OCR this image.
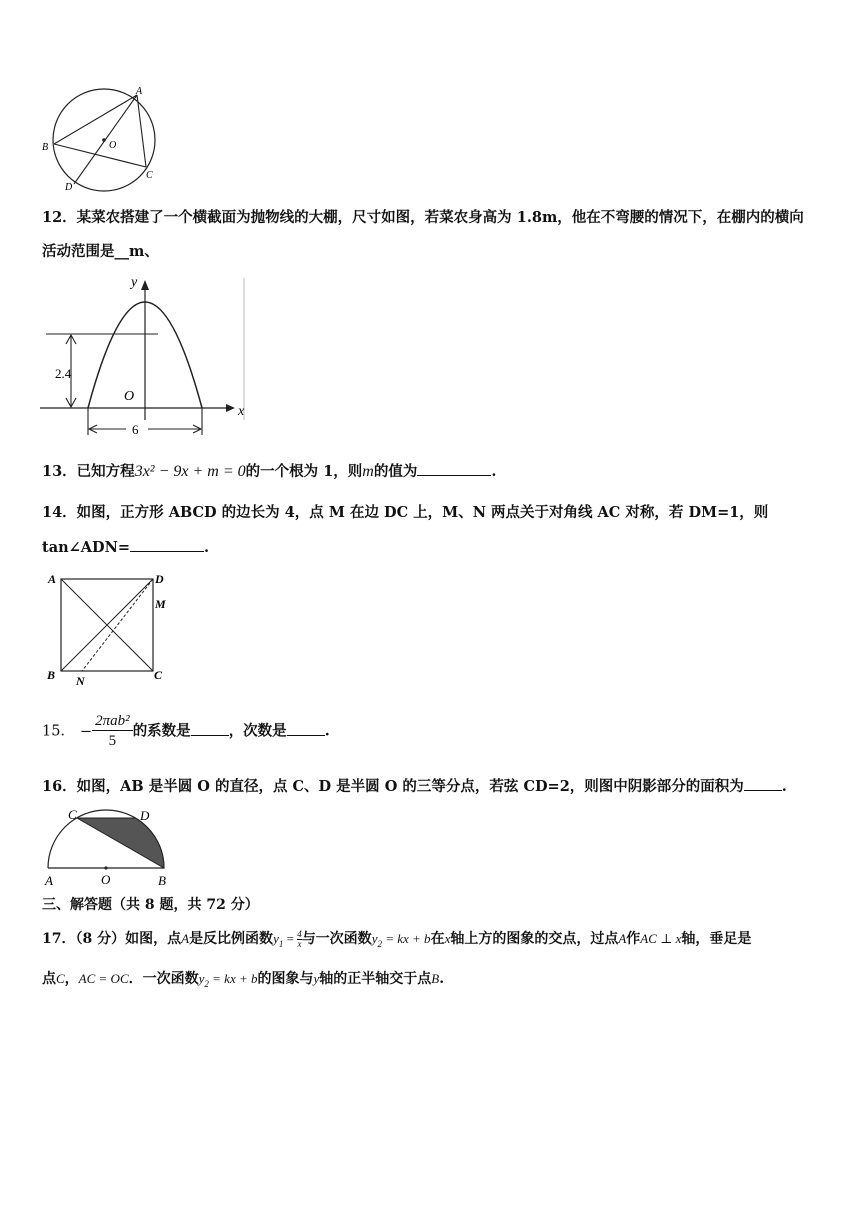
A
B
C
D
O
12．某菜农搭建了一个横截面为抛物线的大棚，尺寸如图，若菜农身高为 1.8m，他在不弯腰的情况下，在棚内的横向
活动范围是__m、
y
x
O
2.4
6
13．已知方程3x² − 9x + m = 0的一个根为 1，则m的值为	.
14．如图，正方形 ABCD 的边长为 4，点 M 在边 DC 上，M、N 两点关于对角线 AC 对称，若 DM=1，则
tan∠ADN=	.
A	D
M
B N	C
15． − $\frac{\text{2πab²}}{5}$ 的系数是	，次数是	.
16．如图，AB 是半圆 O 的直径，点 C、D 是半圆 O 的三等分点，若弦 CD=2，则图中阴影部分的面积为	.
C	D
A	O	B
三、解答题（共 8 题，共 72 分）
17．（8 分）如图，点A是反比例函数$y_1 = \frac{4}{x}$ 与一次函数$y_2$ = kx + b在x轴上方的图象的交点，过点A作AC ⊥ x轴，垂足是
点C，AC = OC．一次函数$y_2$ = kx + b的图象与y轴的正半轴交于点B.
